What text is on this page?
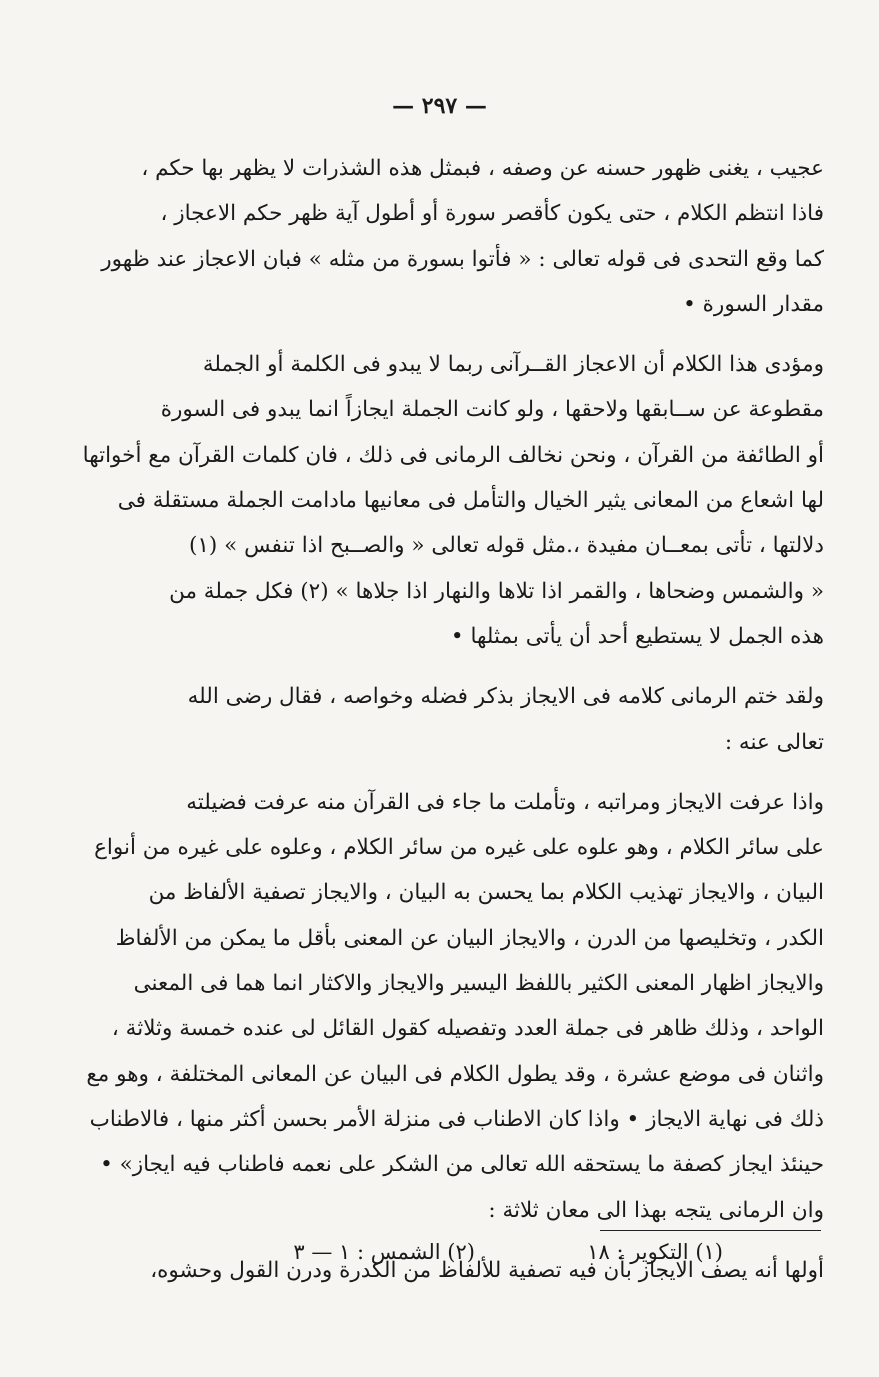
— ٢٩٧ —
عجيب ، يغنى ظهور حسنه عن وصفه ، فبمثل هذه الشذرات لا يظهر بها حكم ،
فاذا انتظم الكلام ، حتى يكون كأقصر سورة أو أطول آية ظهر حكم الاعجاز ،
كما وقع التحدى فى قوله تعالى : « فأتوا بسورة من مثله » فبان الاعجاز عند ظهور
مقدار السورة •
ومؤدى هذا الكلام أن الاعجاز القــرآنى ربما لا يبدو فى الكلمة أو الجملة
مقطوعة عن ســابقها ولاحقها ، ولو كانت الجملة ايجازاً انما يبدو فى السورة
أو الطائفة من القرآن ، ونحن نخالف الرمانى فى ذلك ، فان كلمات القرآن مع أخواتها
لها اشعاع من المعانى يثير الخيال والتأمل فى معانيها مادامت الجملة مستقلة فى
دلالتها ، تأتى بمعــان مفيدة ،.مثل قوله تعالى « والصــبح اذا تنفس » (١)
« والشمس وضحاها ، والقمر اذا تلاها والنهار اذا جلاها » (٢) فكل جملة من
هذه الجمل لا يستطيع أحد أن يأتى بمثلها •
ولقد ختم الرمانى كلامه فى الايجاز بذكر فضله وخواصه ، فقال رضى الله
تعالى عنه :
واذا عرفت الايجاز ومراتبه ، وتأملت ما جاء فى القرآن منه عرفت فضيلته
على سائر الكلام ، وهو علوه على غيره من سائر الكلام ، وعلوه على غيره من أنواع
البيان ، والايجاز تهذيب الكلام بما يحسن به البيان ، والايجاز تصفية الألفاظ من
الكدر ، وتخليصها من الدرن ، والايجاز البيان عن المعنى بأقل ما يمكن من الألفاظ
والايجاز اظهار المعنى الكثير باللفظ اليسير والايجاز والاكثار انما هما فى المعنى
الواحد ، وذلك ظاهر فى جملة العدد وتفصيله كقول القائل لى عنده خمسة وثلاثة ،
واثنان فى موضع عشرة ، وقد يطول الكلام فى البيان عن المعانى المختلفة ، وهو مع
ذلك فى نهاية الايجاز • واذا كان الاطناب فى منزلة الأمر بحسن أكثر منها ، فالاطناب
حينئذ ايجاز كصفة ما يستحقه الله تعالى من الشكر على نعمه فاطناب فيه ايجاز» •
وان الرمانى يتجه بهذا الى معان ثلاثة :
أولها أنه يصف الايجاز بأن فيه تصفية للألفاظ من الكدرة ودرن القول وحشوه،
(١) التكوير : ١٨
(٢) الشمس : ١ — ٣
